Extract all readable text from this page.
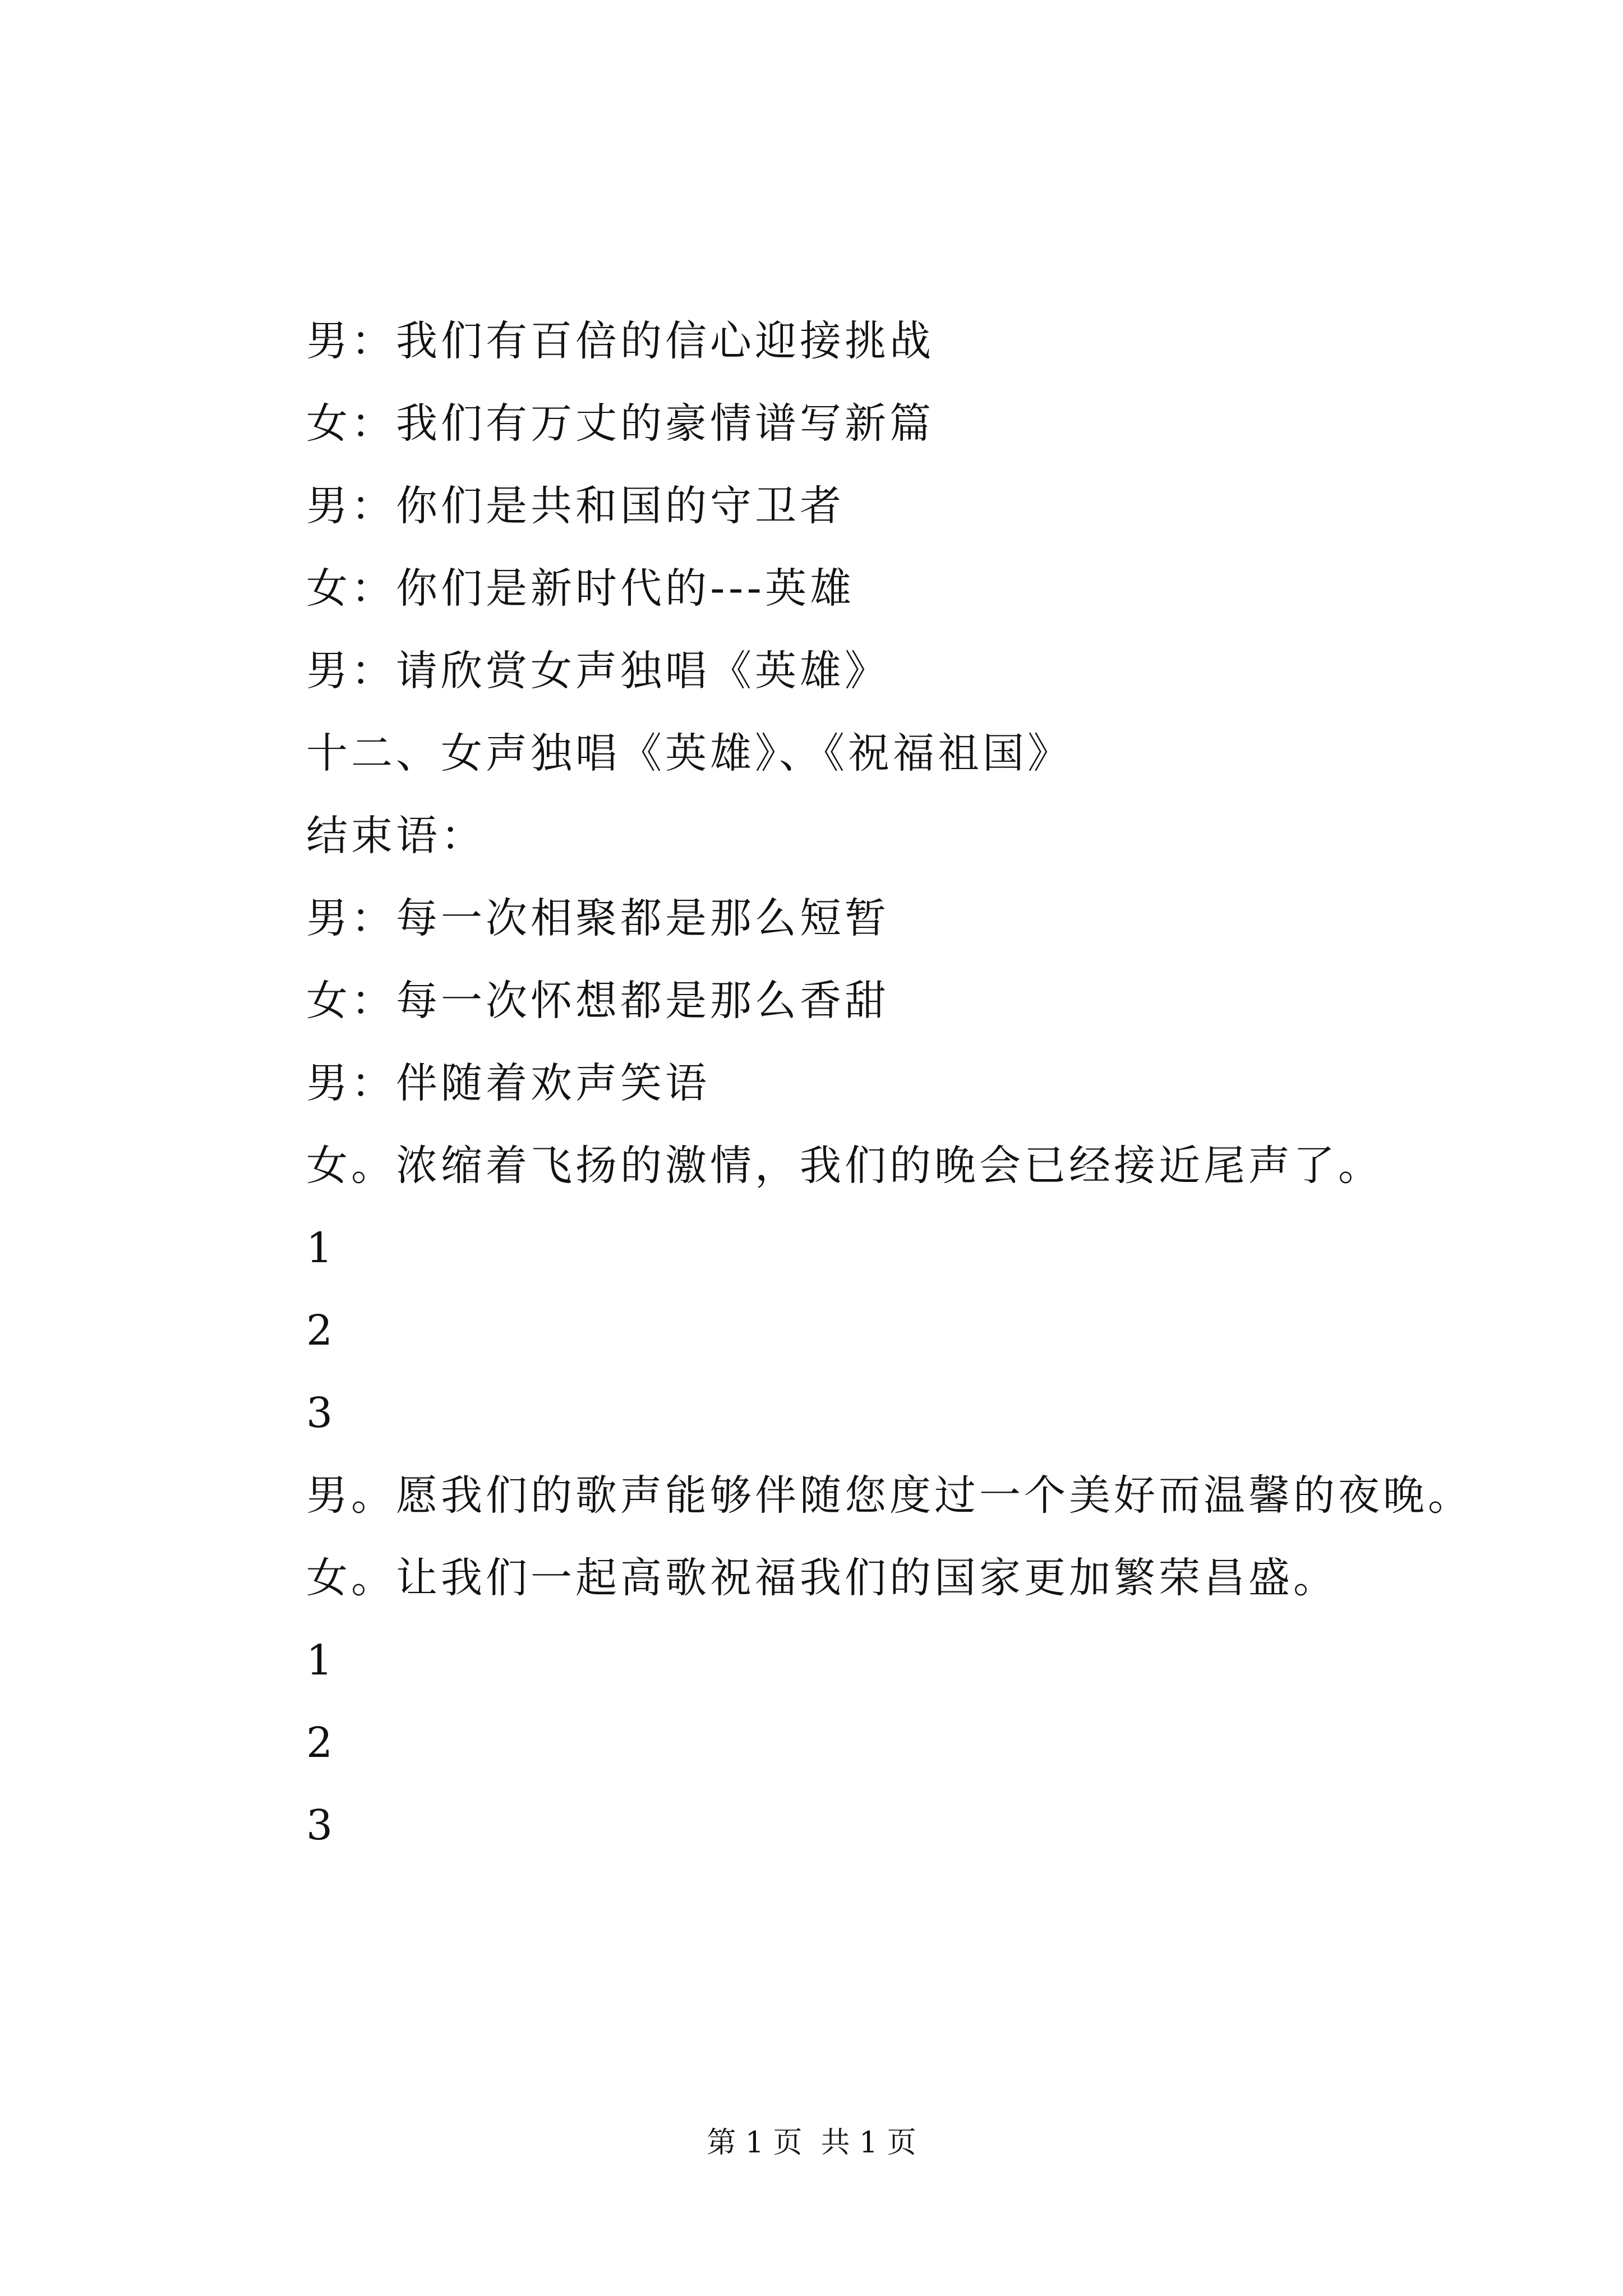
男：我们有百倍的信心迎接挑战
女：我们有万丈的豪情谱写新篇
男：你们是共和国的守卫者
女：你们是新时代的---英雄
男：请欣赏女声独唱《英雄》
十二、女声独唱《英雄》、《祝福祖国》
结束语：
男：每一次相聚都是那么短暂
女：每一次怀想都是那么香甜
男：伴随着欢声笑语
女。浓缩着飞扬的激情，我们的晚会已经接近尾声了。
1
2
3
男。愿我们的歌声能够伴随您度过一个美好而温馨的夜晚。
女。让我们一起高歌祝福我们的国家更加繁荣昌盛。
1
2
3
第 1 页  共 1 页
